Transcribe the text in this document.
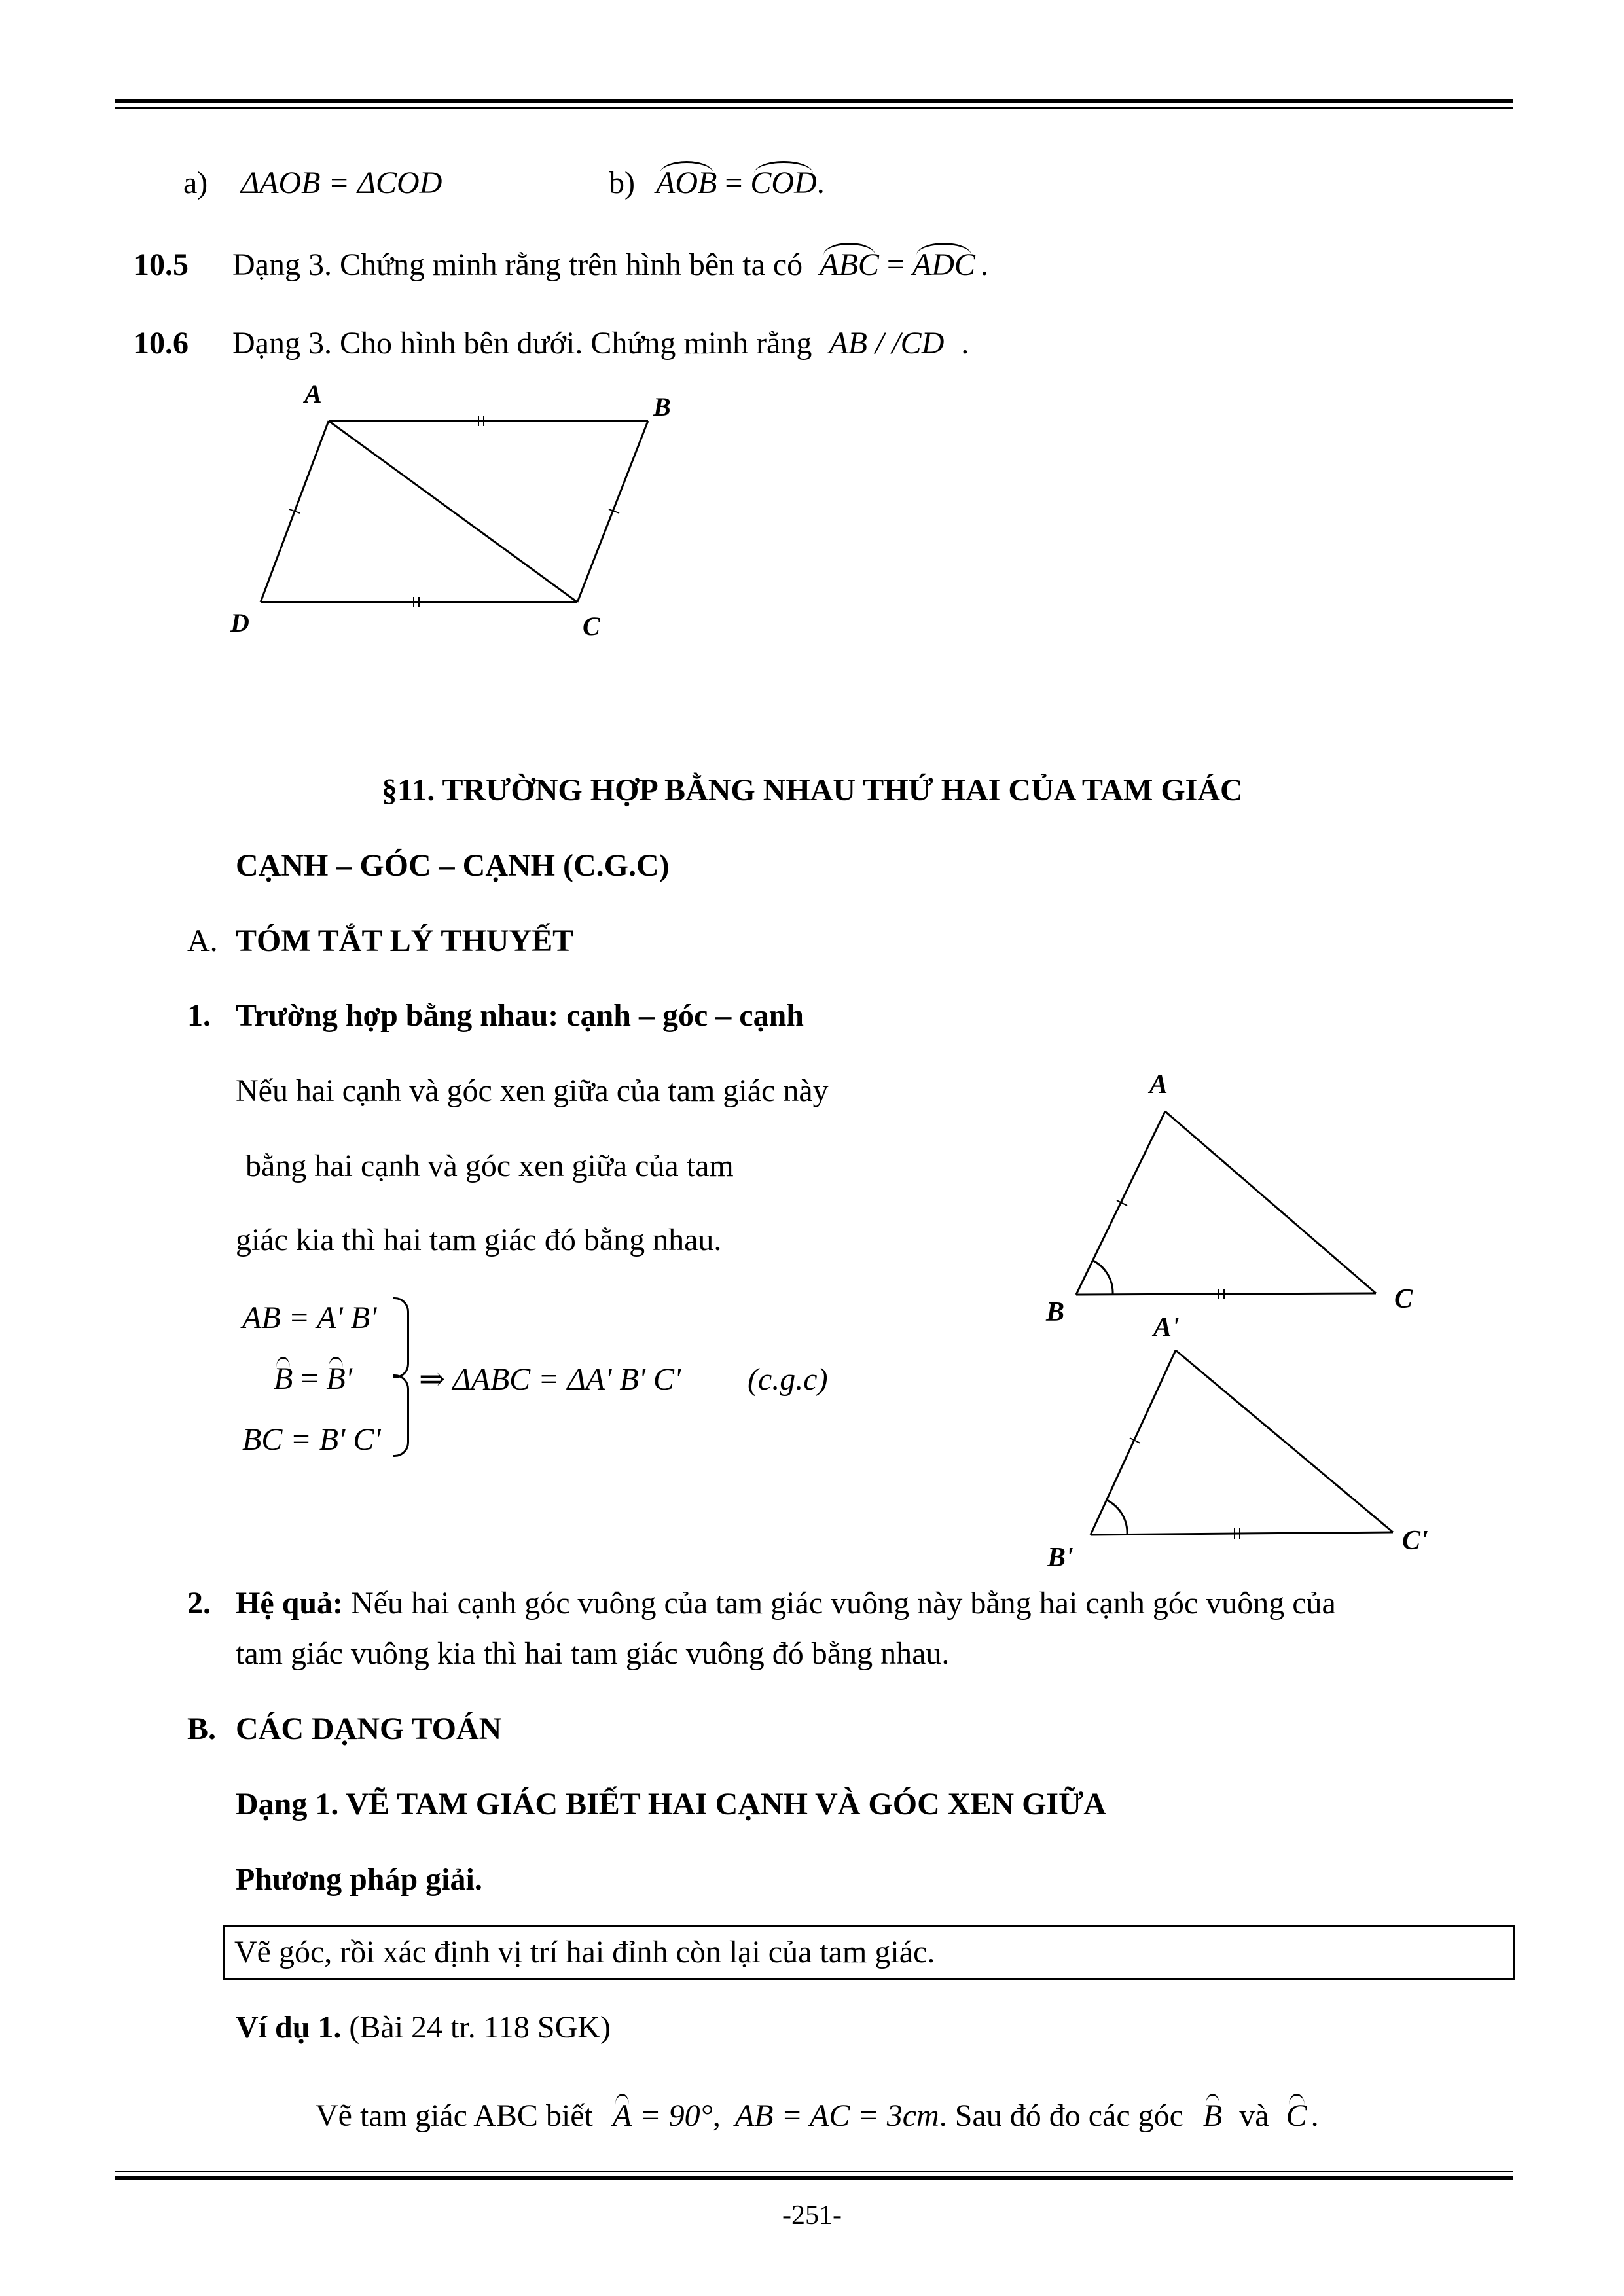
a) ΔAOB = ΔCOD	b) AOB = COD.
10.5 Dạng 3. Chứng minh rằng trên hình bên ta có ABC = ADC .
10.6 Dạng 3. Cho hình bên dưới. Chứng minh rằng AB / /CD .
A	B
C
D
§11. TRƯỜNG HỢP BẰNG NHAU THỨ HAI CỦA TAM GIÁC
CẠNH – GÓC – CẠNH (C.G.C)
A. TÓM TẮT LÝ THUYẾT
1. Trường hợp bằng nhau: cạnh – góc – cạnh
Nếu hai cạnh và góc xen giữa của tam giác này
bằng hai cạnh và góc xen giữa của tam
giác kia thì hai tam giác đó bằng nhau.
AB = A' B'
B = B'
BC = B' C'
⇒ ΔABC = ΔA' B' C' (c.g.c)
A
B	C
A'
B'
C'
2. Hệ quả: Nếu hai cạnh góc vuông của tam giác vuông này bằng hai cạnh góc vuông của
tam giác vuông kia thì hai tam giác vuông đó bằng nhau.
B. CÁC DẠNG TOÁN
Dạng 1. VẼ TAM GIÁC BIẾT HAI CẠNH VÀ GÓC XEN GIỮA
Phương pháp giải.
Vẽ góc, rồi xác định vị trí hai đỉnh còn lại của tam giác.
Ví dụ 1. (Bài 24 tr. 118 SGK)
Vẽ tam giác ABC biết A = 90°, AB = AC = 3cm. Sau đó đo các góc B và C .
-251-
